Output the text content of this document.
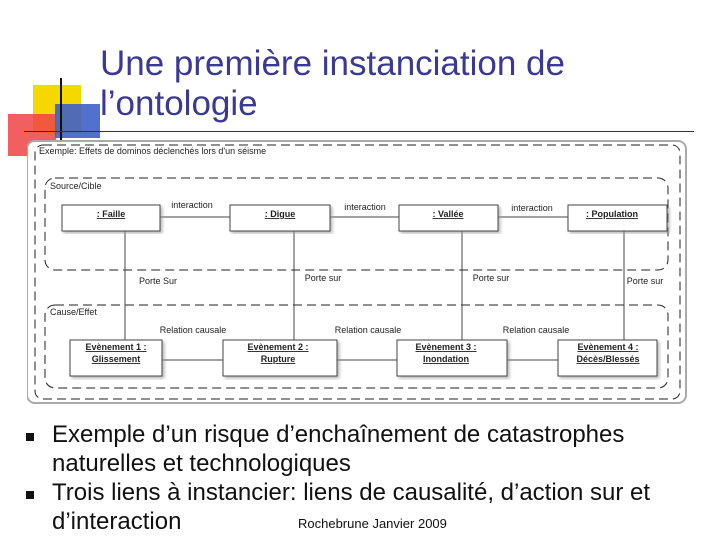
Une première instanciation de
l’ontologie
Exemple: Effets de dominos déclenchés lors d'un séisme
Source/Cible
Cause/Effet
: Faille	: Digue	: Vallée	: Population
Evènement 1 :
Glissement
Evènement 2 :
Rupture
Evènement 3 :
Inondation
Evènement 4 :
Décès/Blessés
interaction	interaction	interaction
Relation causale	Relation causale	Relation causale
Porte Sur	Porte sur	Porte sur	Porte sur
Exemple d’un risque d’enchaînement de catastrophes naturelles et technologiques
Trois liens à instancier: liens de causalité, d’action sur et d’interaction	Rochebrune Janvier 2009
